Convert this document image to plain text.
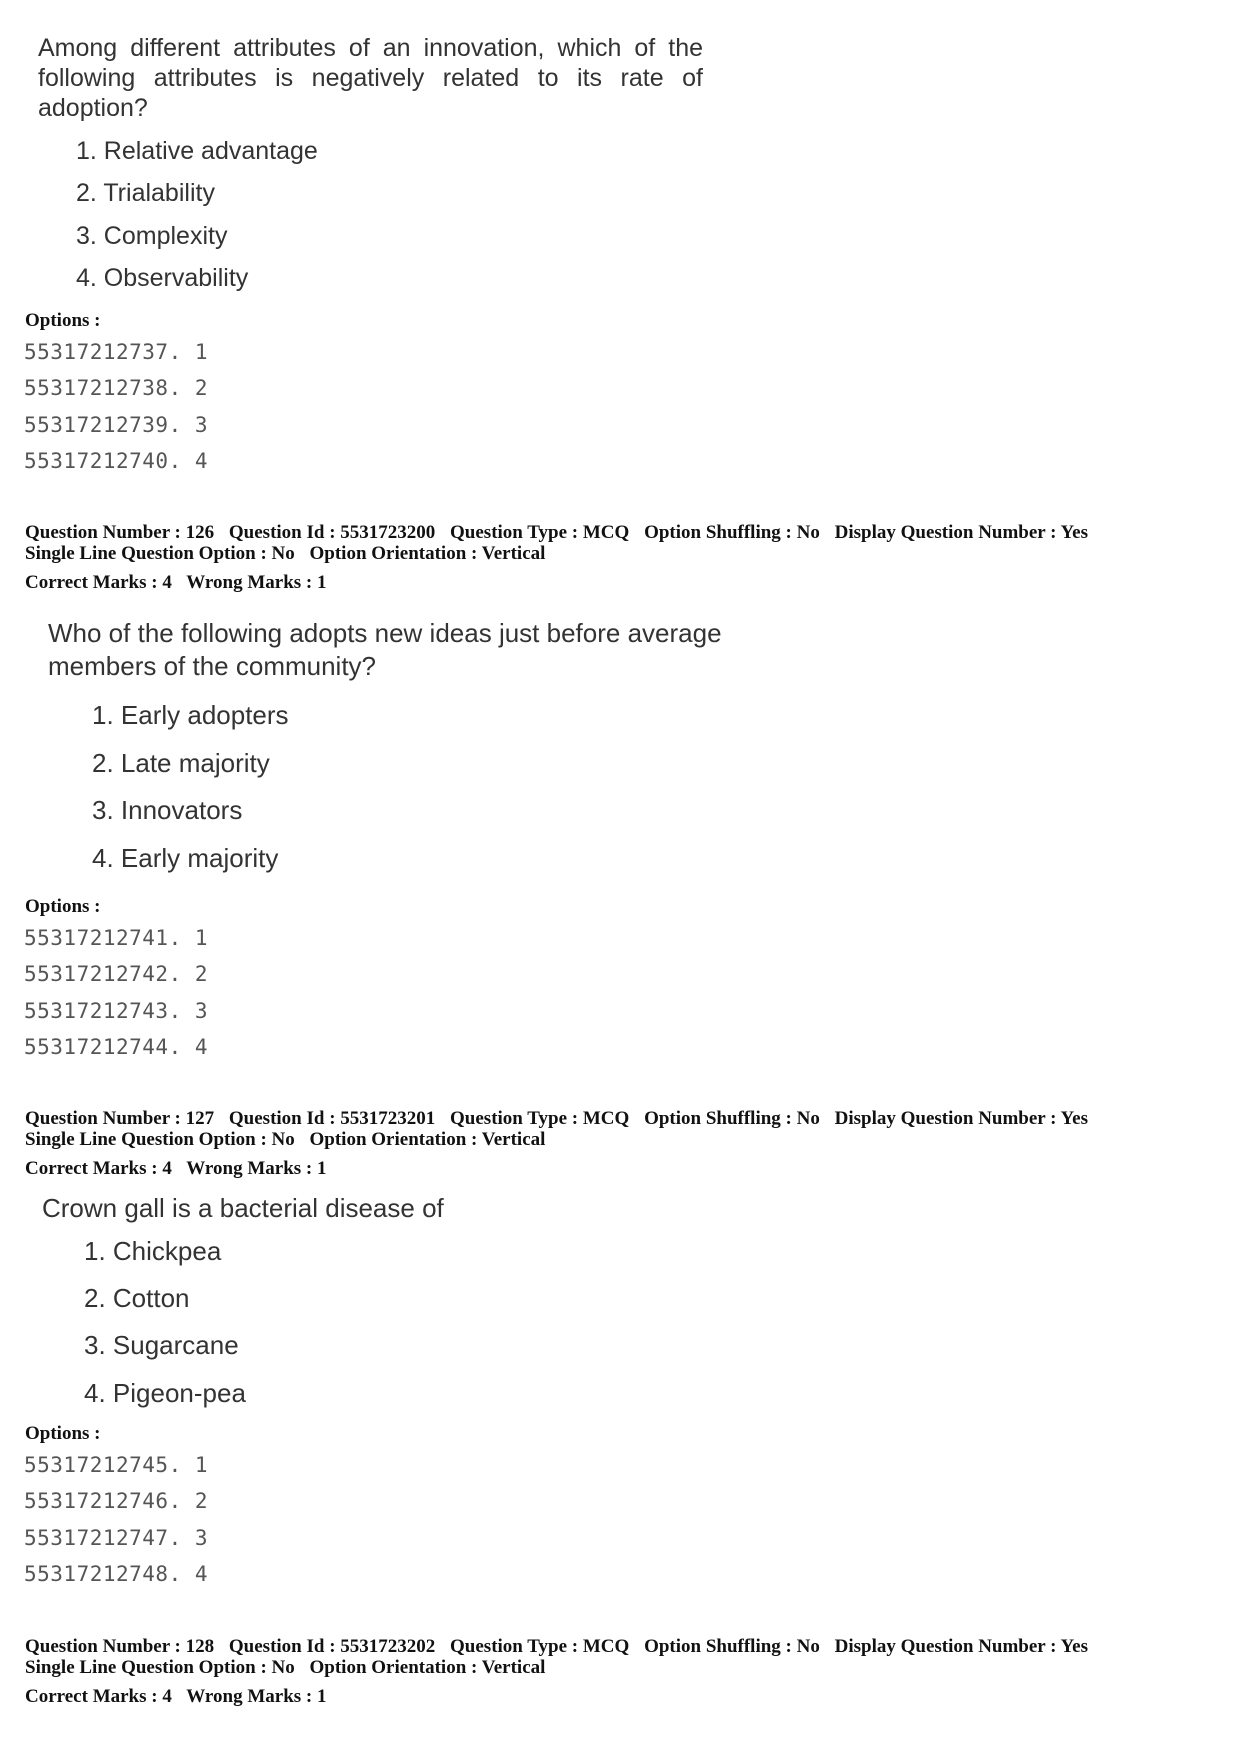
Among different attributes of an innovation, which of the
following attributes is negatively related to its rate of
adoption?
1. Relative advantage
2. Trialability
3. Complexity
4. Observability
Options :
55317212737. 1
55317212738. 2
55317212739. 3
55317212740. 4
Question Number : 126 Question Id : 5531723200 Question Type : MCQ Option Shuffling : No Display Question Number : Yes
Single Line Question Option : No Option Orientation : Vertical
Correct Marks : 4 Wrong Marks : 1
Who of the following adopts new ideas just before average
members of the community?
1. Early adopters
2. Late majority
3. Innovators
4. Early majority
Options :
55317212741. 1
55317212742. 2
55317212743. 3
55317212744. 4
Question Number : 127 Question Id : 5531723201 Question Type : MCQ Option Shuffling : No Display Question Number : Yes
Single Line Question Option : No Option Orientation : Vertical
Correct Marks : 4 Wrong Marks : 1
Crown gall is a bacterial disease of
1. Chickpea
2. Cotton
3. Sugarcane
4. Pigeon-pea
Options :
55317212745. 1
55317212746. 2
55317212747. 3
55317212748. 4
Question Number : 128 Question Id : 5531723202 Question Type : MCQ Option Shuffling : No Display Question Number : Yes
Single Line Question Option : No Option Orientation : Vertical
Correct Marks : 4 Wrong Marks : 1
